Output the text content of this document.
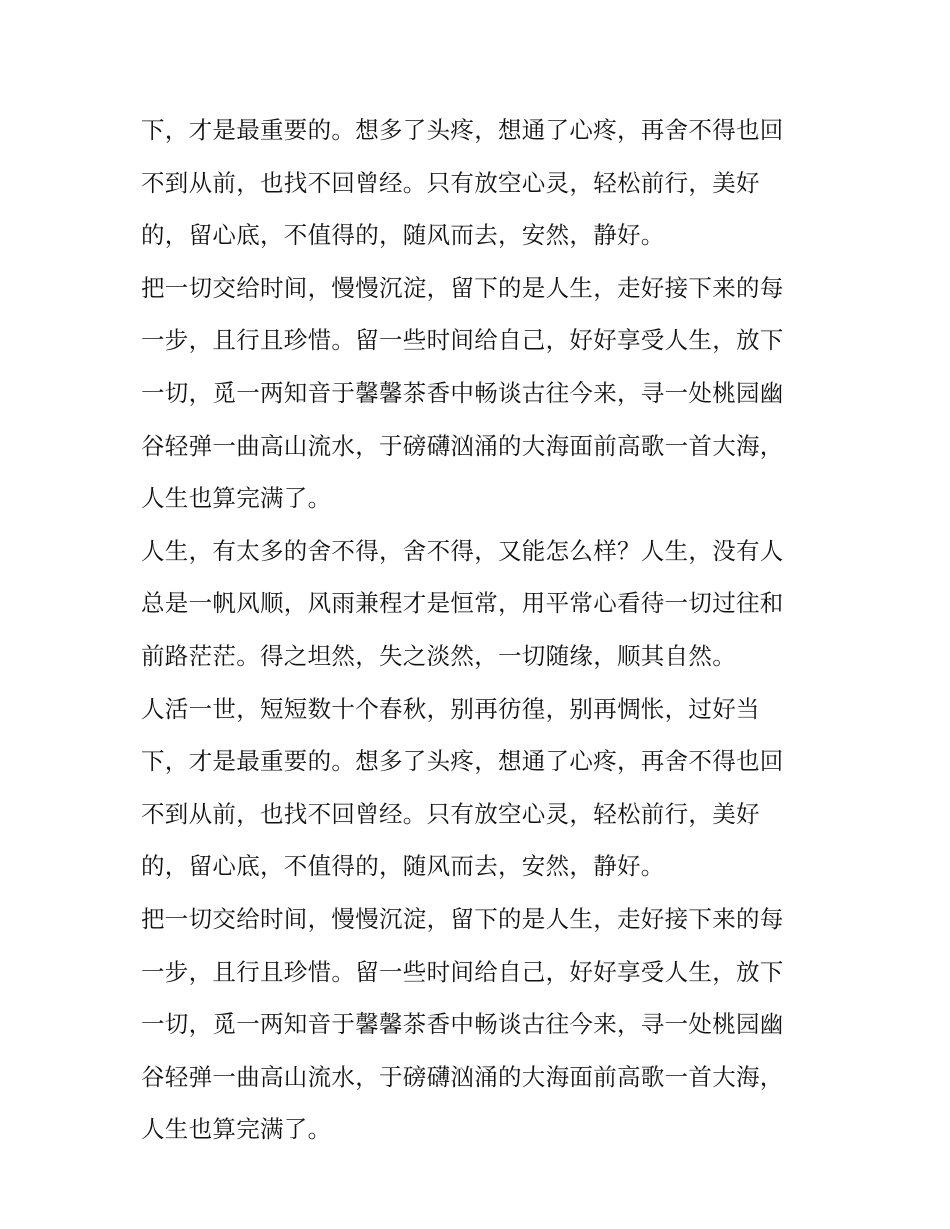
下，才是最重要的。想多了头疼，想通了心疼，再舍不得也回
不到从前，也找不回曾经。只有放空心灵，轻松前行，美好
的，留心底，不值得的，随风而去，安然，静好。
把一切交给时间，慢慢沉淀，留下的是人生，走好接下来的每
一步，且行且珍惜。留一些时间给自己，好好享受人生，放下
一切，觅一两知音于馨馨茶香中畅谈古往今来，寻一处桃园幽
谷轻弹一曲高山流水，于磅礴汹涌的大海面前高歌一首大海，
人生也算完满了。
人生，有太多的舍不得，舍不得，又能怎么样？人生，没有人
总是一帆风顺，风雨兼程才是恒常，用平常心看待一切过往和
前路茫茫。得之坦然，失之淡然，一切随缘，顺其自然。
人活一世，短短数十个春秋，别再彷徨，别再惆怅，过好当
下，才是最重要的。想多了头疼，想通了心疼，再舍不得也回
不到从前，也找不回曾经。只有放空心灵，轻松前行，美好
的，留心底，不值得的，随风而去，安然，静好。
把一切交给时间，慢慢沉淀，留下的是人生，走好接下来的每
一步，且行且珍惜。留一些时间给自己，好好享受人生，放下
一切，觅一两知音于馨馨茶香中畅谈古往今来，寻一处桃园幽
谷轻弹一曲高山流水，于磅礴汹涌的大海面前高歌一首大海，
人生也算完满了。
